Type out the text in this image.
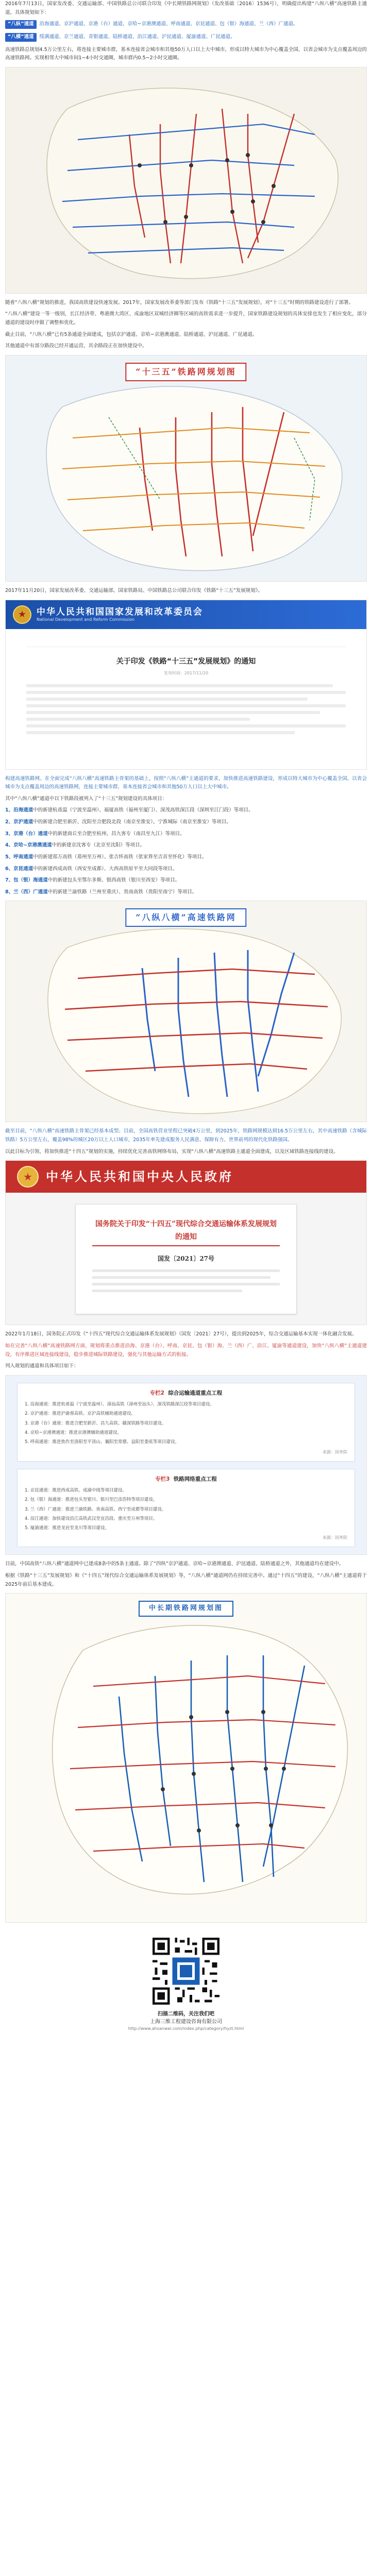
2016年7月13日，国家发改委、交通运输部、中国铁路总公司联合印发《中长期铁路网规划》（发改基础〔2016〕1536号），明确提出构建“八纵八横”高速铁路主通道，具体规划如下：

“八纵”通道 沿海通道、京沪通道、京港（台）通道、京哈~京港澳通道、呼南通道、京昆通道、包（银）海通道、兰（西）广通道。
“八横”通道 绥满通道、京兰通道、青银通道、陆桥通道、沿江通道、沪昆通道、厦渝通道、广昆通道。

高速铁路总规划4.5万公里左右，将连接主要城市群，基本连接省会城市和其他50万人口以上大中城市，形成以特大城市为中心覆盖全国、以省会城市为支点覆盖周边的高速铁路网。实现相邻大中城市间1~4小时交通圈，城市群内0.5~2小时交通圈。

随着“八纵八横”规划的推进，我国高铁建设快速发展。2017年，国家发展改革委等部门发布《铁路“十三五”发展规划》，对“十三五”时期的铁路建设进行了部署。

“八纵八横”建设一等一级别，长江经济带、粤港澳大湾区、成渝地区双城经济圈等区域的高铁需求进一步提升，国家铁路建设规划的具体安排也发生了相应变化，部分通道的建设时序做了调整和优化。

截止目前，“八纵八横”已有5条通道全面建成，包括京沪通道、京哈~京港澳通道、陆桥通道、沪昆通道、广昆通道。

其他通道中有部分路段已经开通运营，其余路段正在加快建设中。

“十三五”铁路网规划图

2017年11月20日，国家发展改革委、交通运输部、国家铁路局、中国铁路总公司联合印发《铁路“十三五”发展规划》。

★	中华人民共和国国家发展和改革委员会
National Development and Reform Commission

关于印发《铁路“十三五”发展规划》的通知
发布时间：2017/11/20

构建高速铁路网。在全面完成“八纵八横”高速铁路主骨架的基础上，按照“八纵八横”主通道的要求，加快推进高速铁路建设，形成以特大城市为中心覆盖全国、以省会城市为支点覆盖周边的高速铁路网，连接主要城市群，基本连接省会城市和其他50万人口以上大中城市。

其中“八纵八横”通道中以下铁路段被列入了“十三五”规划建设的具体项目：

1、沿海通道中的新建杭甬温（宁波至温州）、福厦高铁（福州至厦门）、深茂高铁深江段（深圳至江门段）等项目。

2、京沪通道中的新建合肥至新沂、沈阳至合肥段北段（南京至淮安）、宁淮城际（南京至淮安）等项目。

3、京港（台）通道中的新建商丘至合肥至杭州、昌九客专（南昌至九江）等项目。

4、京哈~京港澳通道中的新建京沈客专（北京至沈阳）等项目。

5、呼南通道中的新建郑万高铁（郑州至万州）、张吉怀高铁（张家界至吉首至怀化）等项目。

6、京昆通道中的新建西成高铁（西安至成都）、大西高铁原平至大同段等项目。

7、包（银）海通道中的新建包头至鄂尔多斯、银西高铁（银川至西安）等项目。

8、兰（西）广通道中的新建兰渝铁路（兰州至重庆）、贵南高铁（贵阳至南宁）等项目。

“八纵八横”高速铁路网

截至目前，“八纵八横”高速铁路主骨架已经基本成型。目前，全国高铁营业里程已突破4万公里，到2025年，铁路网规模达到16.5万公里左右，其中高速铁路（含城际铁路）5万公里左右，覆盖98%的城区20万以上人口城市，2035年率先建成服务人民满意、保障有力、世界前列的现代化铁路强国。

以此目标为引领，将加快推进“十四五”规划的实施，持续优化完善高铁网络布局，实现“八纵八横”高速铁路主通道全面建成，以及区域铁路连接线的建设。

★	中华人民共和国中央人民政府
国务院关于印发“十四五”现代综合交通运输体系发展规划的通知
国发〔2021〕27号

2022年1月18日，国务院正式印发《“十四五”现代综合交通运输体系发展规划》（国发〔2021〕27号），提出到2025年，综合交通运输基本实现一体化融合发展。

如在完善“八纵八横”高速铁路网方面，规划将重点推进沿海、京港（台）、呼南、京昆、包（银）海、兰（西）广、沿江、厦渝等通道建设，加快“八纵八横”主通道建设，有序推进区域连接线建设，稳步推进城际铁路建设，强化与其他运输方式的衔接。

列入规划的通道和具体项目如下：

专栏2 综合运输通道重点工程

1. 沿海通道：推进杭甬温（宁波至温州）、漳汕高铁（漳州至汕头）、深茂铁路深江段等项目建设。

2. 京沪通道：推进沪渝蓉高铁、京沪高铁辅助通道建设。

3. 京港（台）通道：推进合肥至新沂、昌九高铁、赣深铁路等项目建设。

4. 京哈~京港澳通道：推进京港澳辅助通道建设。

5. 呼南通道：推进焦作至洛阳至平顶山、襄阳至常德、益阳至娄底等项目建设。

来源：国务院
专栏3 铁路网络重点工程

1. 京昆通道：推进西成高铁、成渝中线等项目建设。

2. 包（银）海通道：推进包头至银川、银川至巴彦浩特等项目建设。

3. 兰（西）广通道：推进兰渝铁路、贵南高铁、西宁至成都等项目建设。

4. 沿江通道：加快建设沿江高铁武汉至宜昌段、重庆至万州等项目。

5. 厦渝通道：推进龙岩至龙川等项目建设。

来源：国务院

目前，中国高铁“八纵八横”通道网中已建成8条中的5条主通道。除了“四纵”京沪通道、京哈~京港澳通道、沪昆通道、陆桥通道之外，其他通道均在建设中。

根据《铁路“十三五”发展规划》和《“十四五”现代综合交通运输体系发展规划》等，“八纵八横”通道网仍在持续完善中。通过“十四五”的建设，“八纵八横”主通道将于2025年前后基本建成。

中长期铁路网规划图
扫描二维码，关注我们吧
上海三维工程建设咨询有限公司
http://www.ahsanwei.com/index.php/category/hyzt.html
